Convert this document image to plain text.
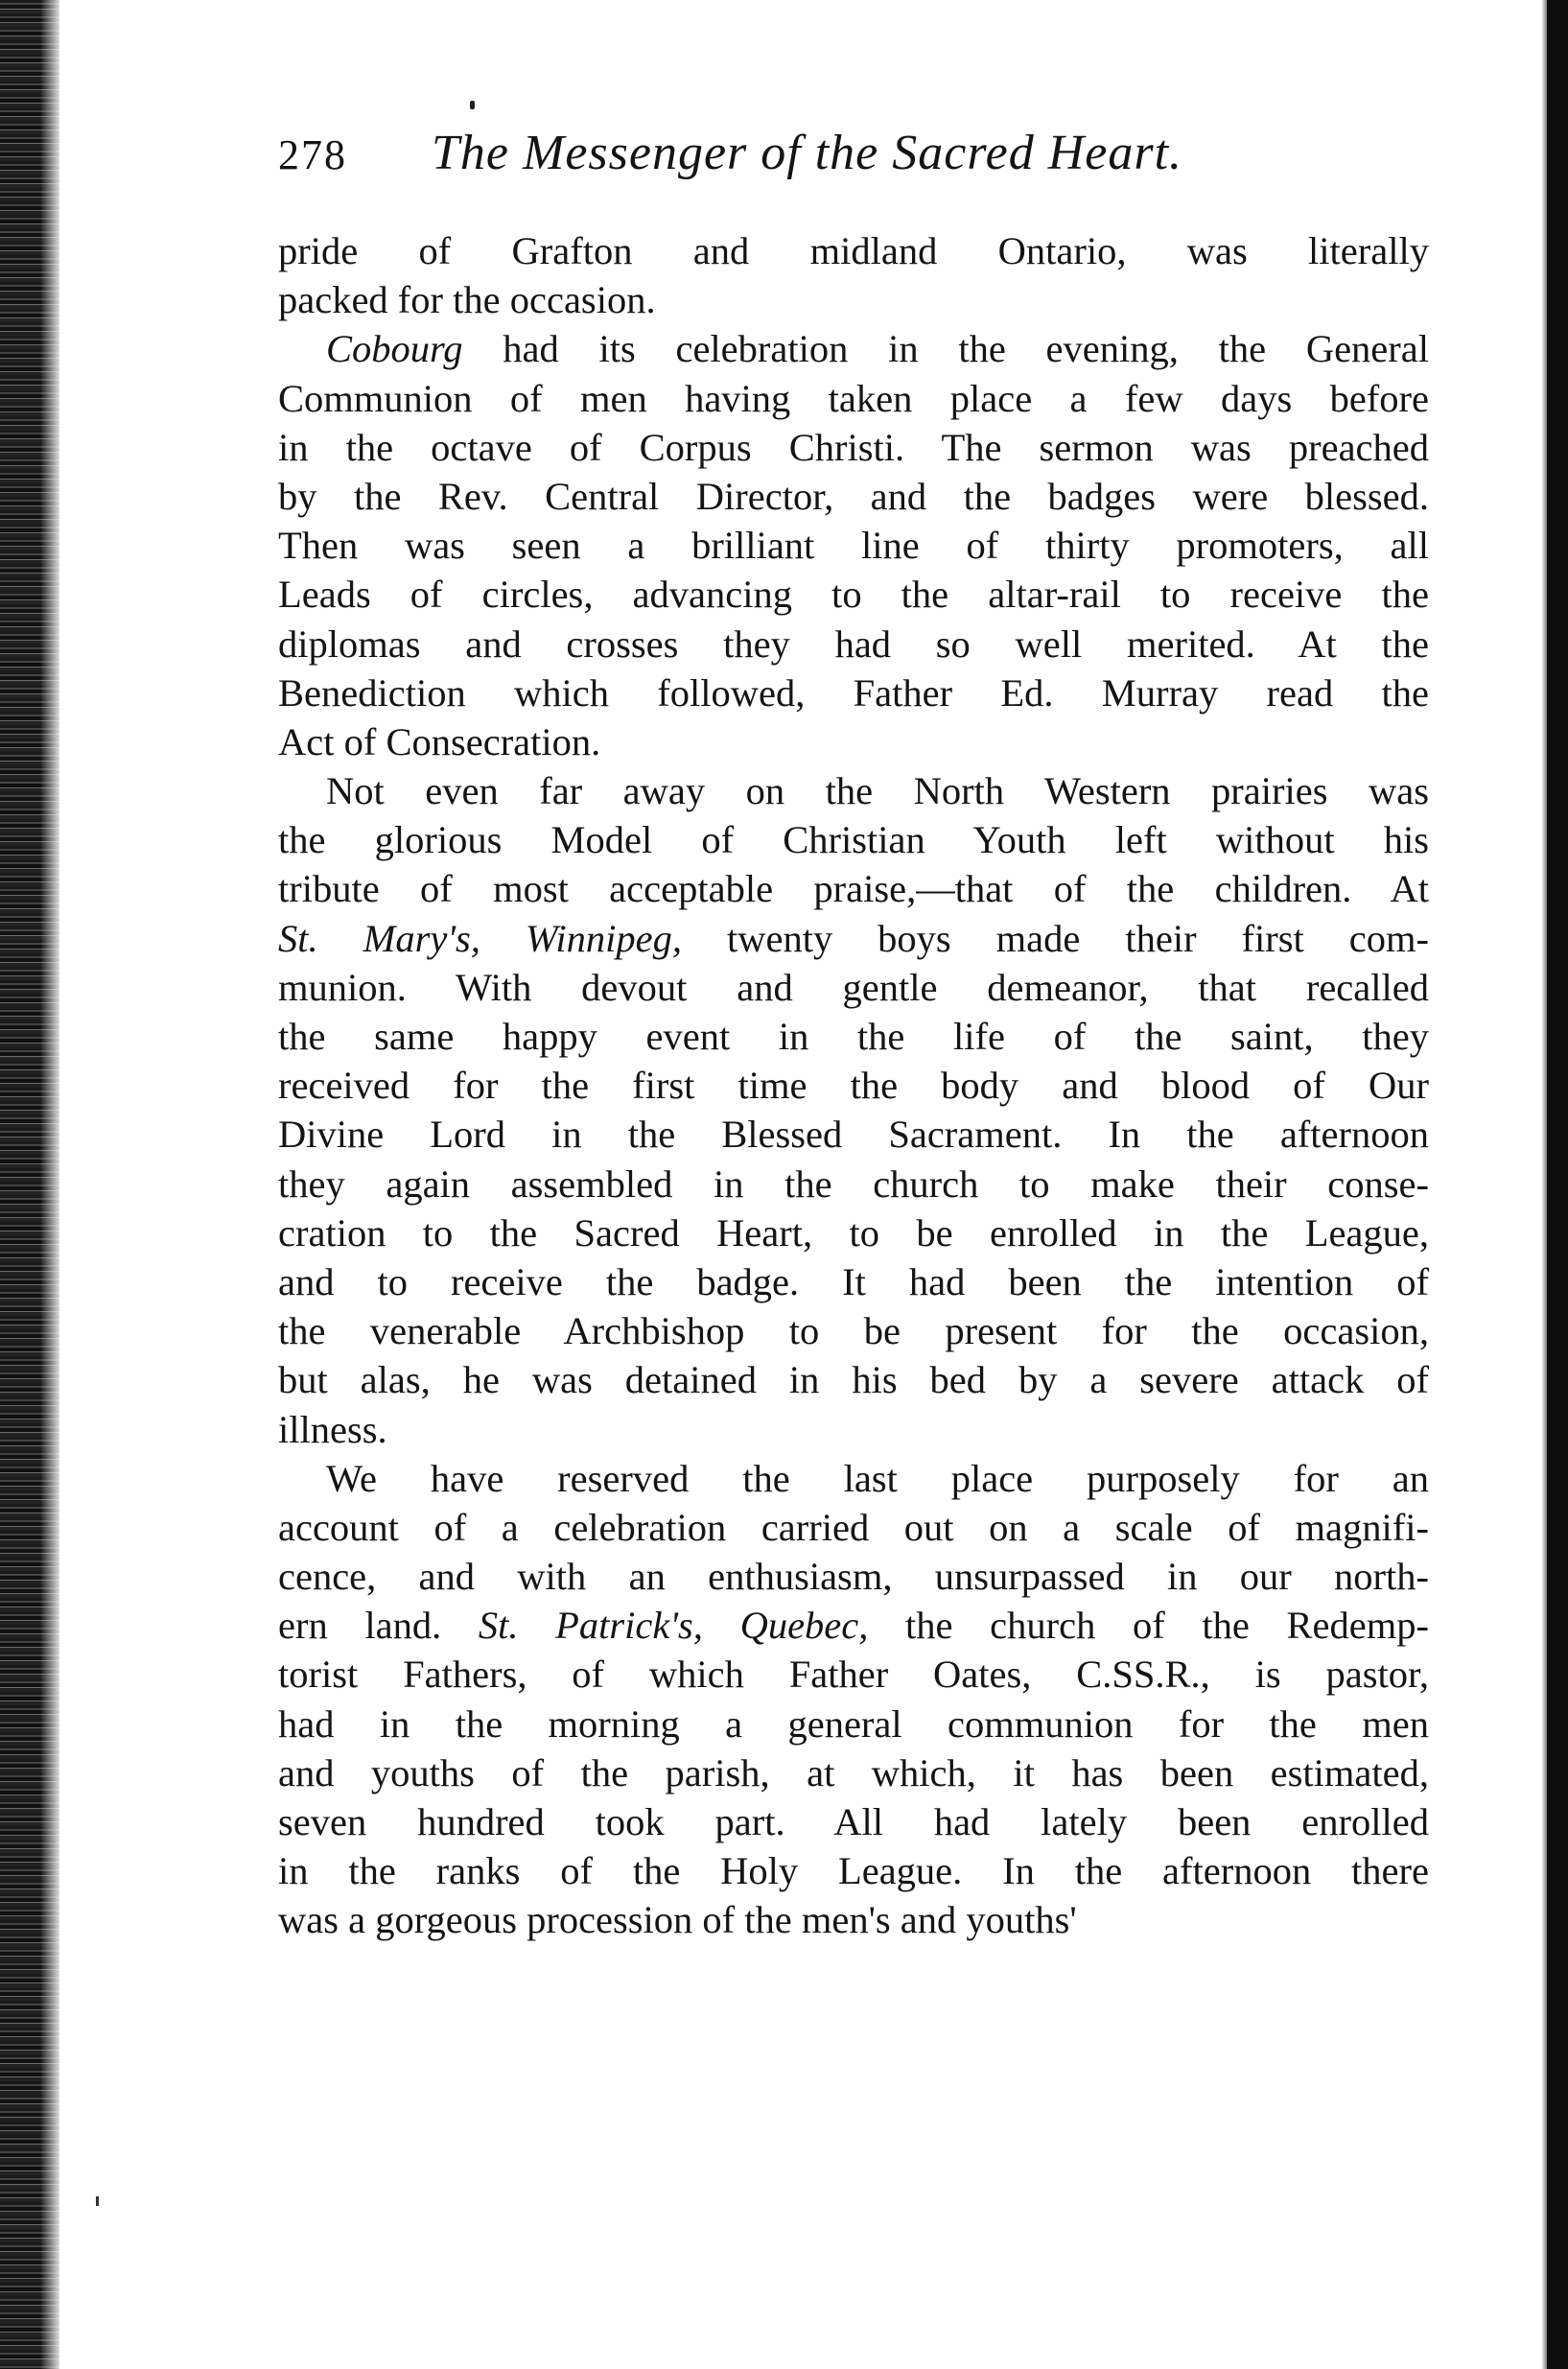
278	The Messenger of the Sacred Heart.
pride of Grafton and midland Ontario, was literally
packed for the occasion.
Cobourg had its celebration in the evening, the General
Communion of men having taken place a few days before
in the octave of Corpus Christi. The sermon was preached
by the Rev. Central Director, and the badges were blessed.
Then was seen a brilliant line of thirty promoters, all
Leads of circles, advancing to the altar-rail to receive the
diplomas and crosses they had so well merited. At the
Benediction which followed, Father Ed. Murray read the
Act of Consecration.
Not even far away on the North Western prairies was
the glorious Model of Christian Youth left without his
tribute of most acceptable praise,—that of the children. At
St. Mary's, Winnipeg, twenty boys made their first com-
munion. With devout and gentle demeanor, that recalled
the same happy event in the life of the saint, they
received for the first time the body and blood of Our
Divine Lord in the Blessed Sacrament. In the afternoon
they again assembled in the church to make their conse-
cration to the Sacred Heart, to be enrolled in the League,
and to receive the badge. It had been the intention of
the venerable Archbishop to be present for the occasion,
but alas, he was detained in his bed by a severe attack of
illness.
We have reserved the last place purposely for an
account of a celebration carried out on a scale of magnifi-
cence, and with an enthusiasm, unsurpassed in our north-
ern land. St. Patrick's, Quebec, the church of the Redemp-
torist Fathers, of which Father Oates, C.SS.R., is pastor,
had in the morning a general communion for the men
and youths of the parish, at which, it has been estimated,
seven hundred took part. All had lately been enrolled
in the ranks of the Holy League. In the afternoon there
was a gorgeous procession of the men's and youths'
